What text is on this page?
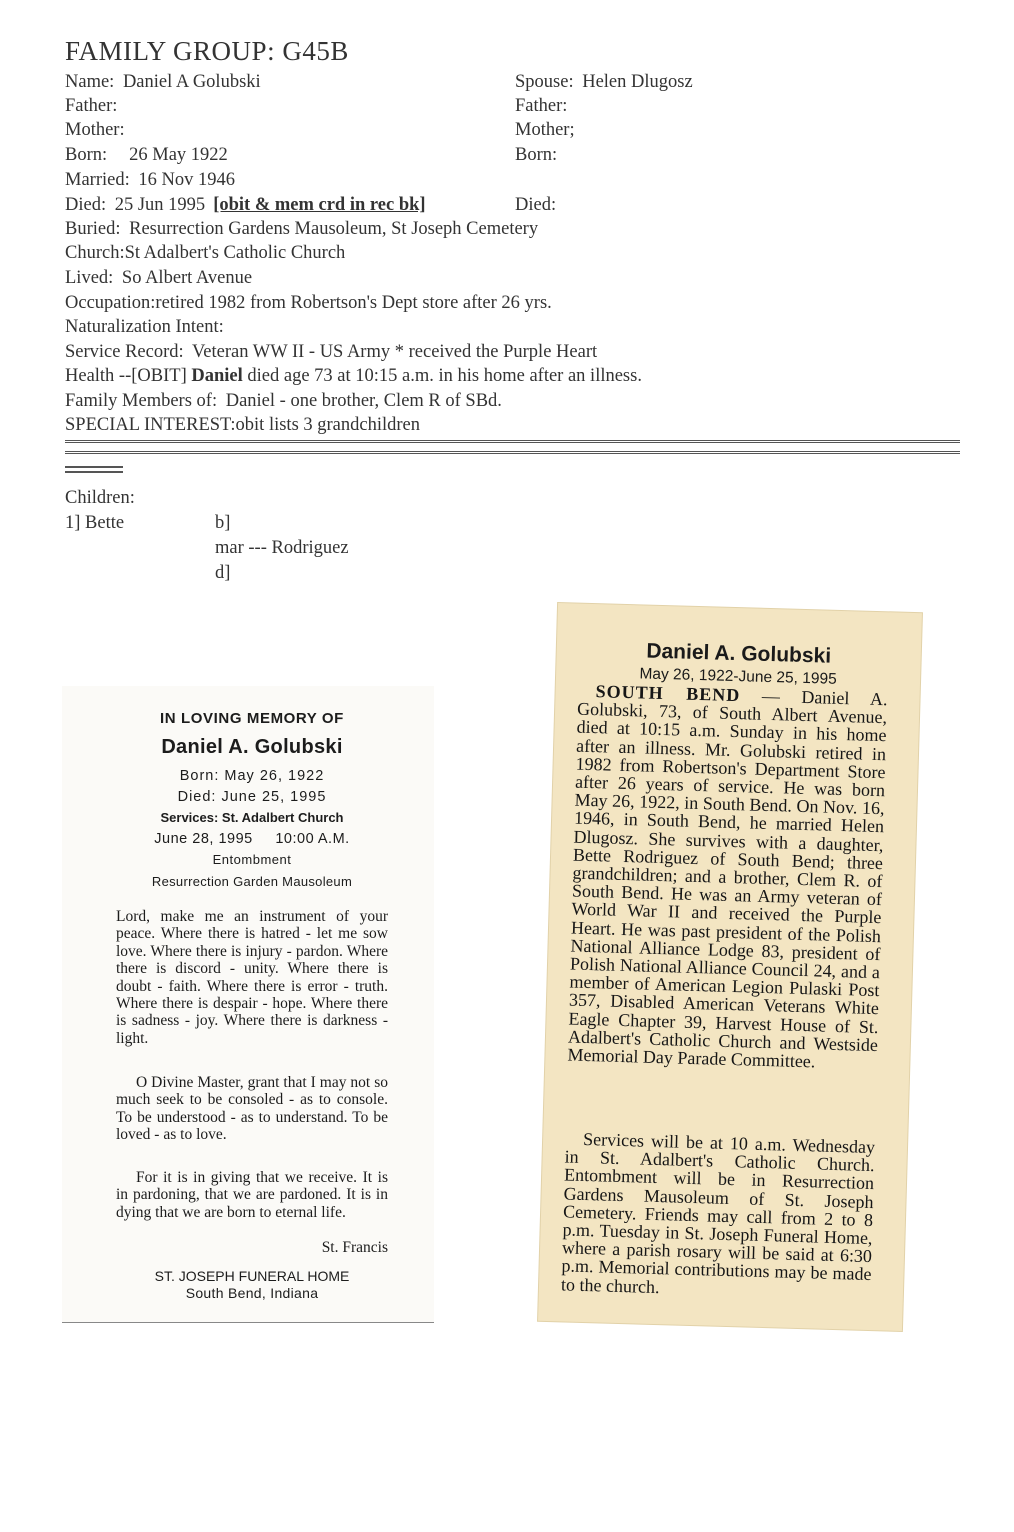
FAMILY GROUP: G45B
Name: Daniel A Golubski
Father:
Mother:
Born: 26 May 1922
Married: 16 Nov 1946
Died: 25 Jun 1995 [obit & mem crd in rec bk]
Buried: Resurrection Gardens Mausoleum, St Joseph Cemetery
Church:St Adalbert's Catholic Church
Lived: So Albert Avenue
Occupation:retired 1982 from Robertson's Dept store after 26 yrs.
Naturalization Intent:
Service Record: Veteran WW II - US Army * received the Purple Heart
Health --[OBIT] Daniel died age 73 at 10:15 a.m. in his home after an illness.
Family Members of: Daniel - one brother, Clem R of SBd.
SPECIAL INTEREST:obit lists 3 grandchildren
Spouse: Helen Dlugosz
Father:
Mother;
Born:
Died:
Children:
1] Bette	b]
mar --- Rodriguez
d]
IN LOVING MEMORY OF
Daniel A. Golubski
Born: May 26, 1922
Died: June 25, 1995
Services: St. Adalbert Church
June 28, 1995     10:00 A.M.
Entombment
Resurrection Garden Mausoleum
Lord, make me an instrument of your peace. Where there is hatred - let me sow love. Where there is injury - pardon. Where there is discord - unity. Where there is doubt - faith. Where there is error - truth. Where there is despair - hope. Where there is sadness - joy. Where there is darkness - light.
O Divine Master, grant that I may not so much seek to be consoled - as to console. To be understood - as to understand. To be loved - as to love.
For it is in giving that we receive. It is in pardoning, that we are pardoned. It is in dying that we are born to eternal life.
St. Francis
ST. JOSEPH FUNERAL HOME
South Bend, Indiana
Daniel A. Golubski
May 26, 1922-June 25, 1995
SOUTH BEND — Daniel A. Golubski, 73, of South Albert Avenue, died at 10:15 a.m. Sunday in his home after an illness. Mr. Golubski retired in 1982 from Robertson's Department Store after 26 years of service. He was born May 26, 1922, in South Bend. On Nov. 16, 1946, in South Bend, he married Helen Dlugosz. She survives with a daughter, Bette Rodriguez of South Bend; three grandchildren; and a brother, Clem R. of South Bend. He was an Army veteran of World War II and received the Purple Heart. He was past president of the Polish National Alliance Lodge 83, president of Polish National Alliance Council 24, and a member of American Legion Pulaski Post 357, Disabled American Veterans White Eagle Chapter 39, Harvest House of St. Adalbert's Catholic Church and Westside Memorial Day Parade Committee.
Services will be at 10 a.m. Wednesday in St. Adalbert's Catholic Church. Entombment will be in Resurrection Gardens Mausoleum of St. Joseph Cemetery. Friends may call from 2 to 8 p.m. Tuesday in St. Joseph Funeral Home, where a parish rosary will be said at 6:30 p.m. Memorial contributions may be made to the church.
